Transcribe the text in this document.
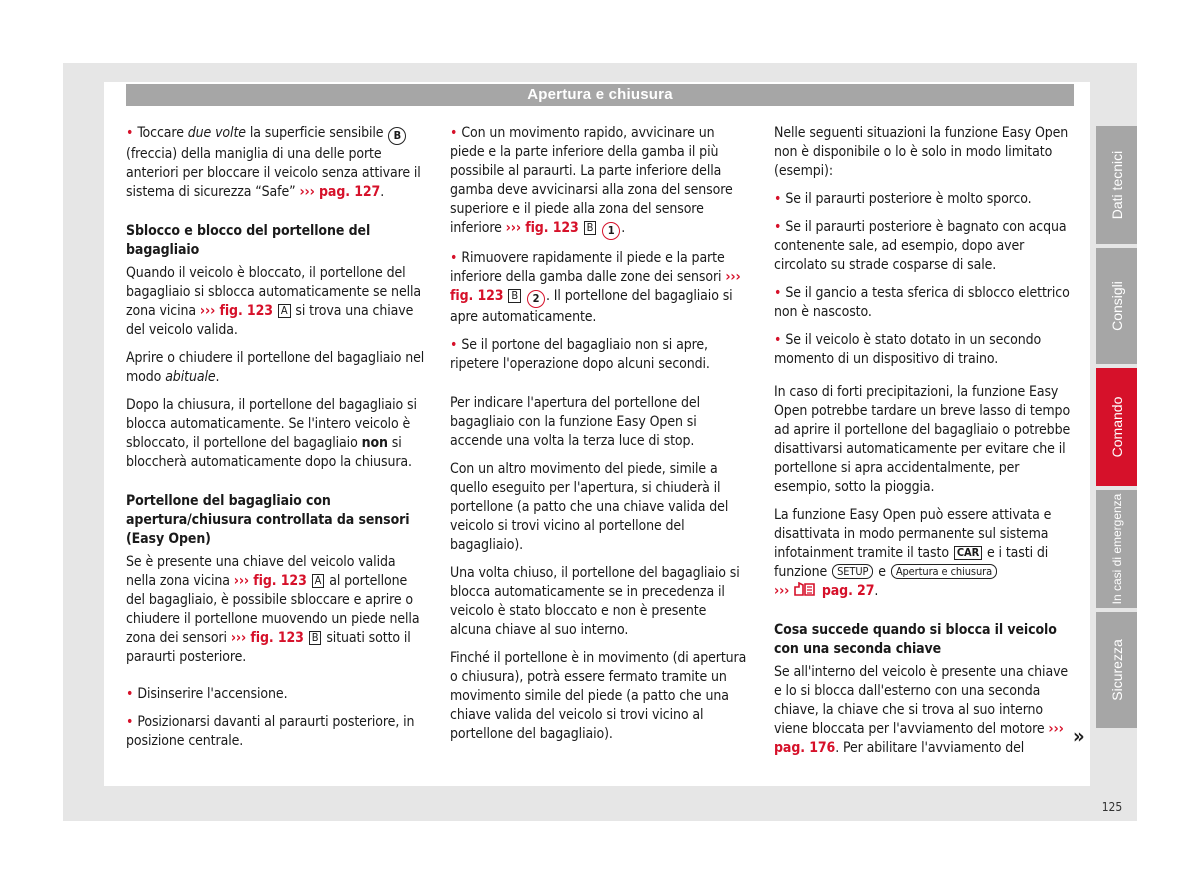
Apertura e chiusura

• Toccare due volte la superficie sensibile B (freccia) della maniglia di una delle porte anteriori per bloccare il veicolo senza attivare il sistema di sicurezza “Safe” ››› pag. 127.

Sblocco e blocco del portellone del bagagliaio

Quando il veicolo è bloccato, il portellone del bagagliaio si sblocca automaticamente se nella zona vicina ››› fig. 123 A si trova una chiave del veicolo valida.

Aprire o chiudere il portellone del bagagliaio nel modo abituale.

Dopo la chiusura, il portellone del bagagliaio si blocca automaticamente. Se l'intero veicolo è sbloccato, il portellone del bagagliaio non si bloccherà automaticamente dopo la chiusura.

Portellone del bagagliaio con apertura/chiusura controllata da sensori (Easy Open)

Se è presente una chiave del veicolo valida nella zona vicina ››› fig. 123 A al portellone del bagagliaio, è possibile sbloccare e aprire o chiudere il portellone muovendo un piede nella zona dei sensori ››› fig. 123 B situati sotto il paraurti posteriore.

• Disinserire l'accensione.

• Posizionarsi davanti al paraurti posteriore, in posizione centrale.

• Con un movimento rapido, avvicinare un piede e la parte inferiore della gamba il più possibile al paraurti. La parte inferiore della gamba deve avvicinarsi alla zona del sensore superiore e il piede alla zona del sensore inferiore ››› fig. 123 B 1 .

• Rimuovere rapidamente il piede e la parte inferiore della gamba dalle zone dei sensori ››› fig. 123 B 2 . Il portellone del bagagliaio si apre automaticamente.

• Se il portone del bagagliaio non si apre, ripetere l'operazione dopo alcuni secondi.

Per indicare l'apertura del portellone del bagagliaio con la funzione Easy Open si accende una volta la terza luce di stop.

Con un altro movimento del piede, simile a quello eseguito per l'apertura, si chiuderà il portellone (a patto che una chiave valida del veicolo si trovi vicino al portellone del bagagliaio).

Una volta chiuso, il portellone del bagagliaio si blocca automaticamente se in precedenza il veicolo è stato bloccato e non è presente alcuna chiave al suo interno.

Finché il portellone è in movimento (di apertura o chiusura), potrà essere fermato tramite un movimento simile del piede (a patto che una chiave valida del veicolo si trovi vicino al portellone del bagagliaio).

Nelle seguenti situazioni la funzione Easy Open non è disponibile o lo è solo in modo limitato (esempi):

• Se il paraurti posteriore è molto sporco.

• Se il paraurti posteriore è bagnato con acqua contenente sale, ad esempio, dopo aver circolato su strade cosparse di sale.

• Se il gancio a testa sferica di sblocco elettrico non è nascosto.

• Se il veicolo è stato dotato in un secondo momento di un dispositivo di traino.

In caso di forti precipitazioni, la funzione Easy Open potrebbe tardare un breve lasso di tempo ad aprire il portellone del bagagliaio o potrebbe disattivarsi automaticamente per evitare che il portellone si apra accidentalmente, per esempio, sotto la pioggia.

La funzione Easy Open può essere attivata e disattivata in modo permanente sul sistema infotainment tramite il tasto CAR e i tasti di funzione SETUP e Apertura e chiusura
››› pag. 27.

Cosa succede quando si blocca il veicolo con una seconda chiave

Se all'interno del veicolo è presente una chiave e lo si blocca dall'esterno con una seconda chiave, la chiave che si trova al suo interno viene bloccata per l'avviamento del motore ››› pag. 176. Per abilitare l'avviamento del	»
Dati tecnici
Consigli
Comando
In casi di emergenza
Sicurezza
125
